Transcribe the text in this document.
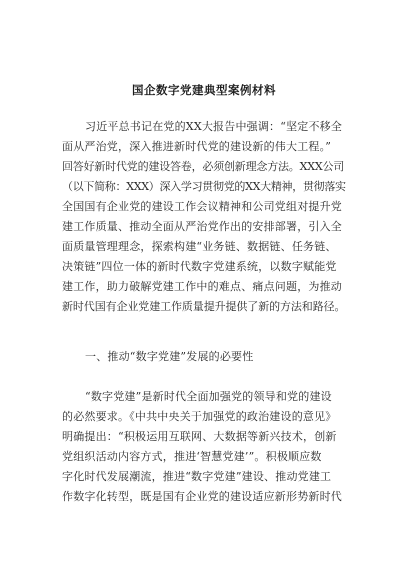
国企数字党建典型案例材料
习近平总书记在党的XX大报告中强调：“坚定不移全
面从严治党，深入推进新时代党的建设新的伟大工程。”
回答好新时代党的建设答卷，必须创新理念方法。XXX公司
（以下简称：XXX）深入学习贯彻党的XX大精神，贯彻落实
全国国有企业党的建设工作会议精神和公司党组对提升党
建工作质量、推动全面从严治党作出的安排部署，引入全
面质量管理理念，探索构建“业务链、数据链、任务链、
决策链”四位一体的新时代数字党建系统，以数字赋能党
建工作，助力破解党建工作中的难点、痛点问题，为推动
新时代国有企业党建工作质量提升提供了新的方法和路径。
一、推动“数字党建”发展的必要性
“数字党建”是新时代全面加强党的领导和党的建设
的必然要求。《中共中央关于加强党的政治建设的意见》
明确提出：“积极运用互联网、大数据等新兴技术，创新
党组织活动内容方式，推进‘智慧党建’”。积极顺应数
字化时代发展潮流，推进“数字党建”建设、推动党建工
作数字化转型，既是国有企业党的建设适应新形势新时代
